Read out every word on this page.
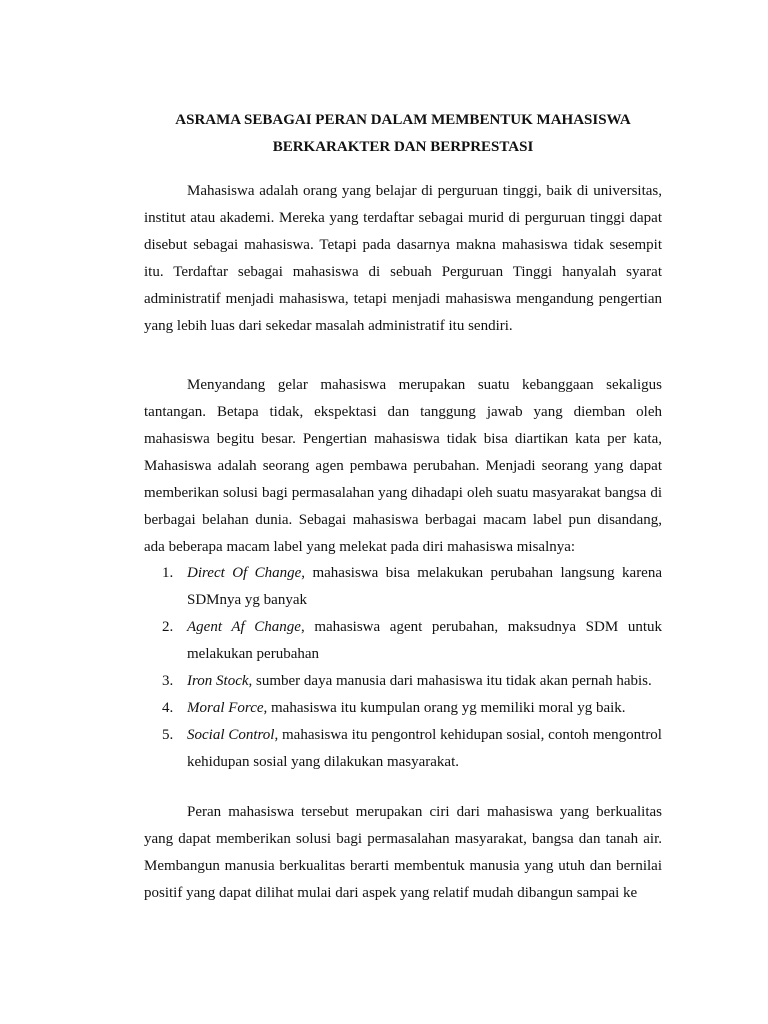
ASRAMA SEBAGAI PERAN DALAM MEMBENTUK MAHASISWA
BERKARAKTER DAN BERPRESTASI

Mahasiswa adalah orang yang belajar di perguruan tinggi, baik di universitas, institut atau akademi. Mereka yang terdaftar sebagai murid di perguruan tinggi dapat disebut sebagai mahasiswa. Tetapi pada dasarnya makna mahasiswa tidak sesempit itu. Terdaftar sebagai mahasiswa di sebuah Perguruan Tinggi hanyalah syarat administratif menjadi mahasiswa, tetapi menjadi mahasiswa mengandung pengertian yang lebih luas dari sekedar masalah administratif itu sendiri.

Menyandang gelar mahasiswa merupakan suatu kebanggaan sekaligus tantangan. Betapa tidak, ekspektasi dan tanggung jawab yang diemban oleh mahasiswa begitu besar. Pengertian mahasiswa tidak bisa diartikan kata per kata, Mahasiswa adalah seorang agen pembawa perubahan. Menjadi seorang yang dapat memberikan solusi bagi permasalahan yang dihadapi oleh suatu masyarakat bangsa di berbagai belahan dunia. Sebagai mahasiswa berbagai macam label pun disandang, ada beberapa macam label yang melekat pada diri mahasiswa misalnya:

1. Direct Of Change, mahasiswa bisa melakukan perubahan langsung karena SDMnya yg banyak
2. Agent Af Change, mahasiswa agent perubahan, maksudnya SDM untuk melakukan perubahan
3. Iron Stock, sumber daya manusia dari mahasiswa itu tidak akan pernah habis.
4. Moral Force, mahasiswa itu kumpulan orang yg memiliki moral yg baik.
5. Social Control, mahasiswa itu pengontrol kehidupan sosial, contoh mengontrol kehidupan sosial yang dilakukan masyarakat.

Peran mahasiswa tersebut merupakan ciri dari mahasiswa yang berkualitas yang dapat memberikan solusi bagi permasalahan masyarakat, bangsa dan tanah air. Membangun manusia berkualitas berarti membentuk manusia yang utuh dan bernilai positif yang dapat dilihat mulai dari aspek yang relatif mudah dibangun sampai ke
